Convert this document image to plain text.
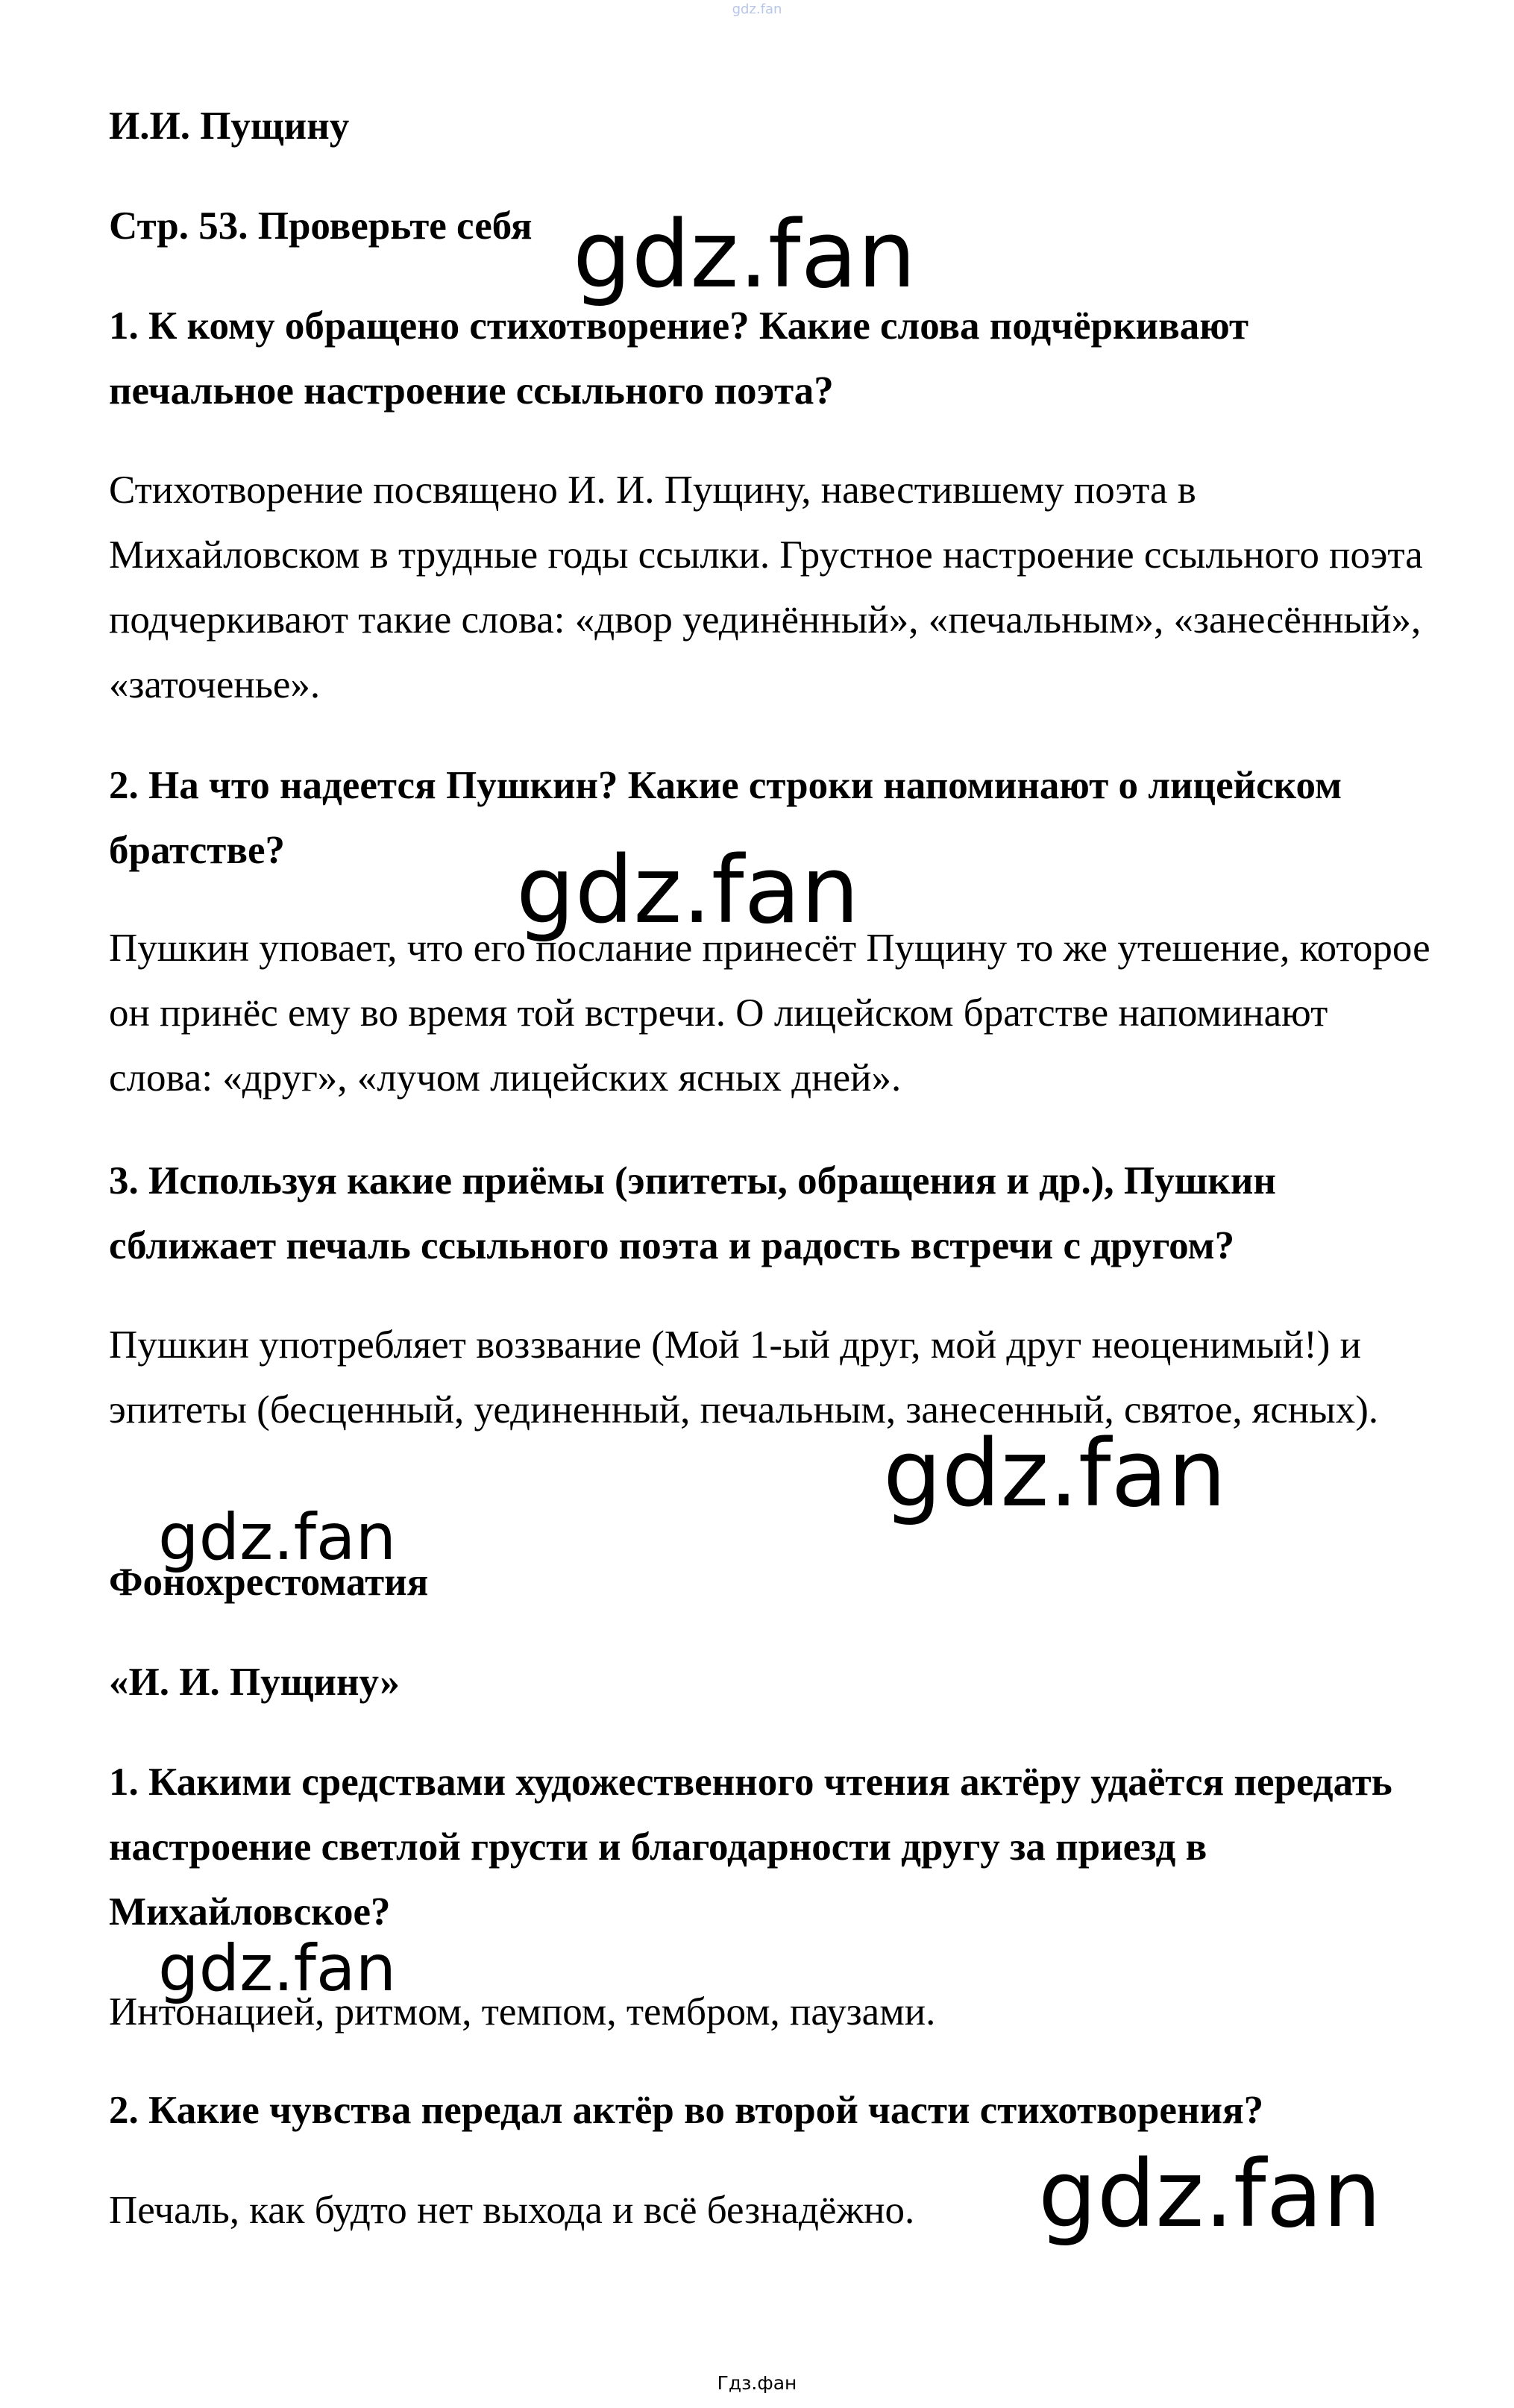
gdz.fan

И.И. Пущину

Стр. 53. Проверьте себя

1. К кому обращено стихотворение? Какие слова подчёркивают печальное настроение ссыльного поэта?

Стихотворение посвящено И. И. Пущину, навестившему поэта в Михайловском в трудные годы ссылки. Грустное настроение ссыльного поэта подчеркивают такие слова: «двор уединённый», «печальным», «занесённый», «заточенье».

2. На что надеется Пушкин? Какие строки напоминают о лицейском братстве?

Пушкин уповает, что его послание принесёт Пущину то же утешение, которое он принёс ему во время той встречи. О лицейском братстве напоминают слова: «друг», «лучом лицейских ясных дней».

3. Используя какие приёмы (эпитеты, обращения и др.), Пушкин сближает печаль ссыльного поэта и радость встречи с другом?

Пушкин употребляет воззвание (Мой 1-ый друг, мой друг неоценимый!) и эпитеты (бесценный, уединенный, печальным, занесенный, святое, ясных).

Фонохрестоматия

«И. И. Пущину»

1. Какими средствами художественного чтения актёру удаётся передать настроение светлой грусти и благодарности другу за приезд в Михайловское?

Интонацией, ритмом, темпом, тембром, паузами.

2. Какие чувства передал актёр во второй части стихотворения?

Печаль, как будто нет выхода и всё безнадёжно.

gdz.fan
gdz.fan
gdz.fan
gdz.fan
gdz.fan
gdz.fan
Гдз.фан
